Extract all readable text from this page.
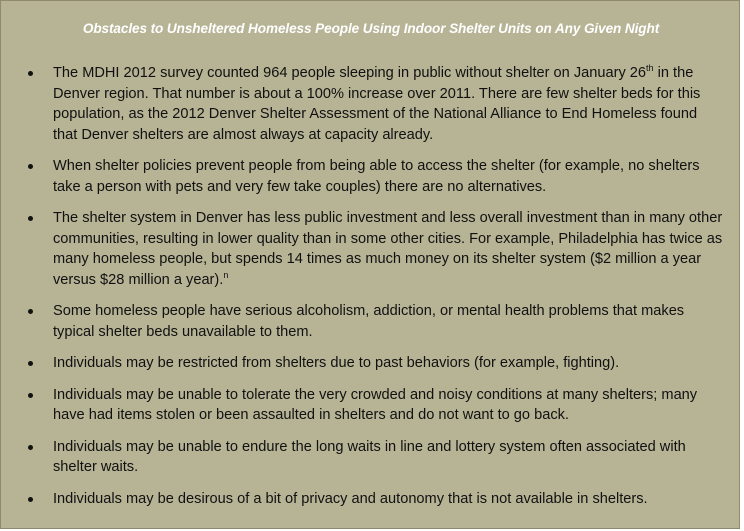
Obstacles to Unsheltered Homeless People Using Indoor Shelter Units on Any Given Night
The MDHI 2012 survey counted 964 people sleeping in public without shelter on January 26th in the Denver region. That number is about a 100% increase over 2011. There are few shelter beds for this population, as the 2012 Denver Shelter Assessment of the National Alliance to End Homeless found that Denver shelters are almost always at capacity already.
When shelter policies prevent people from being able to access the shelter (for example, no shelters take a person with pets and very few take couples) there are no alternatives.
The shelter system in Denver has less public investment and less overall investment than in many other communities, resulting in lower quality than in some other cities. For example, Philadelphia has twice as many homeless people, but spends 14 times as much money on its shelter system ($2 million a year versus $28 million a year).$^n$
Some homeless people have serious alcoholism, addiction, or mental health problems that makes typical shelter beds unavailable to them.
Individuals may be restricted from shelters due to past behaviors (for example, fighting).
Individuals may be unable to tolerate the very crowded and noisy conditions at many shelters; many have had items stolen or been assaulted in shelters and do not want to go back.
Individuals may be unable to endure the long waits in line and lottery system often associated with shelter waits.
Individuals may be desirous of a bit of privacy and autonomy that is not available in shelters.
